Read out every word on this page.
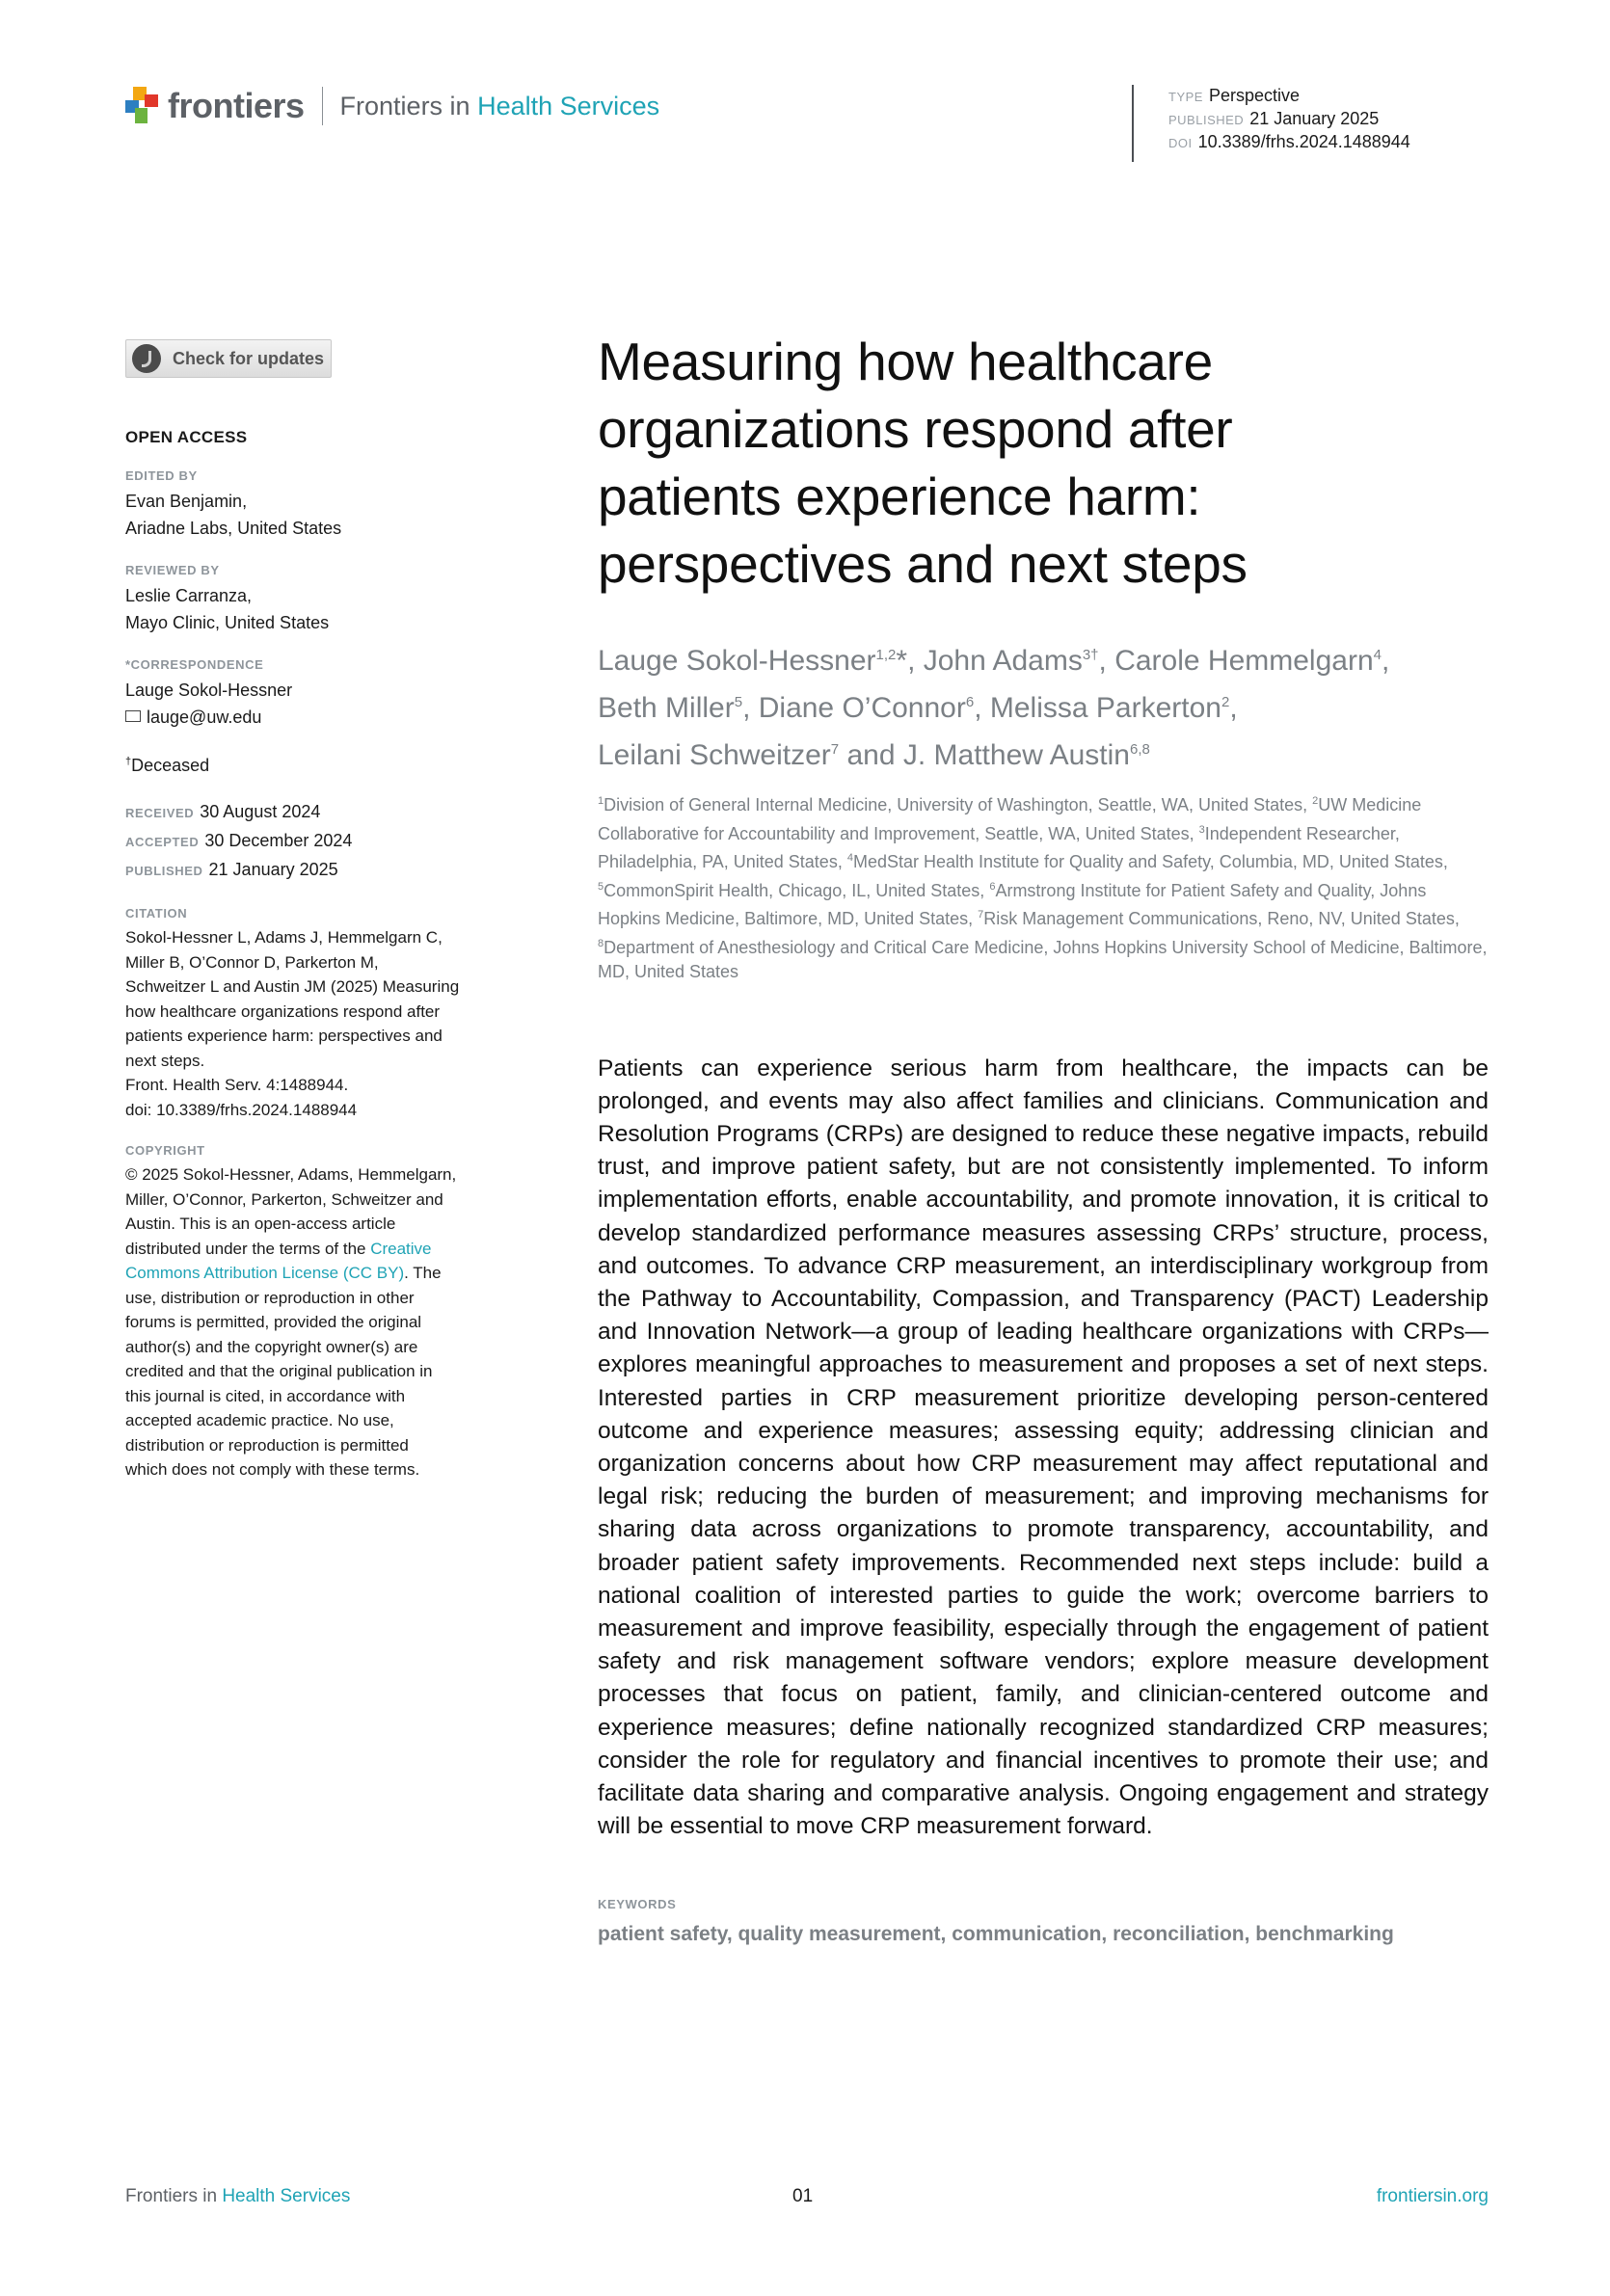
frontiers Frontiers in Health Services	TYPE Perspective
PUBLISHED 21 January 2025
DOI 10.3389/frhs.2024.1488944
Check for updates
OPEN ACCESS
EDITED BY
Evan Benjamin,
Ariadne Labs, United States
REVIEWED BY
Leslie Carranza,
Mayo Clinic, United States
*CORRESPONDENCE
Lauge Sokol-Hessner
lauge@uw.edu
†Deceased
RECEIVED 30 August 2024
ACCEPTED 30 December 2024
PUBLISHED 21 January 2025
CITATION
Sokol-Hessner L, Adams J, Hemmelgarn C,
Miller B, O’Connor D, Parkerton M,
Schweitzer L and Austin JM (2025) Measuring
how healthcare organizations respond after
patients experience harm: perspectives and
next steps.
Front. Health Serv. 4:1488944.
doi: 10.3389/frhs.2024.1488944
COPYRIGHT
© 2025 Sokol-Hessner, Adams, Hemmelgarn,
Miller, O’Connor, Parkerton, Schweitzer and
Austin. This is an open-access article
distributed under the terms of the Creative
Commons Attribution License (CC BY). The
use, distribution or reproduction in other
forums is permitted, provided the original
author(s) and the copyright owner(s) are
credited and that the original publication in
this journal is cited, in accordance with
accepted academic practice. No use,
distribution or reproduction is permitted
which does not comply with these terms.
Measuring how healthcare
organizations respond after
patients experience harm:
perspectives and next steps
Lauge Sokol-Hessner$^{1,2}$*, John Adams$^{3\dagger}$, Carole Hemmelgarn$^4$,
Beth Miller$^5$, Diane O’Connor$^6$, Melissa Parkerton$^2$,
Leilani Schweitzer$^7$ and J. Matthew Austin$^{6,8}$
$^1$Division of General Internal Medicine, University of Washington, Seattle, WA, United States, $^2$UW Medicine Collaborative for Accountability and Improvement, Seattle, WA, United States, $^3$Independent Researcher, Philadelphia, PA, United States, $^4$MedStar Health Institute for Quality and Safety, Columbia, MD, United States, $^5$CommonSpirit Health, Chicago, IL, United States, $^6$Armstrong Institute for Patient Safety and Quality, Johns Hopkins Medicine, Baltimore, MD, United States, $^7$Risk Management Communications, Reno, NV, United States, $^8$Department of Anesthesiology and Critical Care Medicine, Johns Hopkins University School of Medicine, Baltimore, MD, United States
Patients can experience serious harm from healthcare, the impacts can be prolonged, and events may also affect families and clinicians. Communication and Resolution Programs (CRPs) are designed to reduce these negative impacts, rebuild trust, and improve patient safety, but are not consistently implemented. To inform implementation efforts, enable accountability, and promote innovation, it is critical to develop standardized performance measures assessing CRPs’ structure, process, and outcomes. To advance CRP measurement, an interdisciplinary workgroup from the Pathway to Accountability, Compassion, and Transparency (PACT) Leadership and Innovation Network—a group of leading healthcare organizations with CRPs—explores meaningful approaches to measurement and proposes a set of next steps. Interested parties in CRP measurement prioritize developing person-centered outcome and experience measures; assessing equity; addressing clinician and organization concerns about how CRP measurement may affect reputational and legal risk; reducing the burden of measurement; and improving mechanisms for sharing data across organizations to promote transparency, accountability, and broader patient safety improvements. Recommended next steps include: build a national coalition of interested parties to guide the work; overcome barriers to measurement and improve feasibility, especially through the engagement of patient safety and risk management software vendors; explore measure development processes that focus on patient, family, and clinician-centered outcome and experience measures; define nationally recognized standardized CRP measures; consider the role for regulatory and financial incentives to promote their use; and facilitate data sharing and comparative analysis. Ongoing engagement and strategy will be essential to move CRP measurement forward.
KEYWORDS
patient safety, quality measurement, communication, reconciliation, benchmarking
Frontiers in Health Services	01	frontiersin.org
